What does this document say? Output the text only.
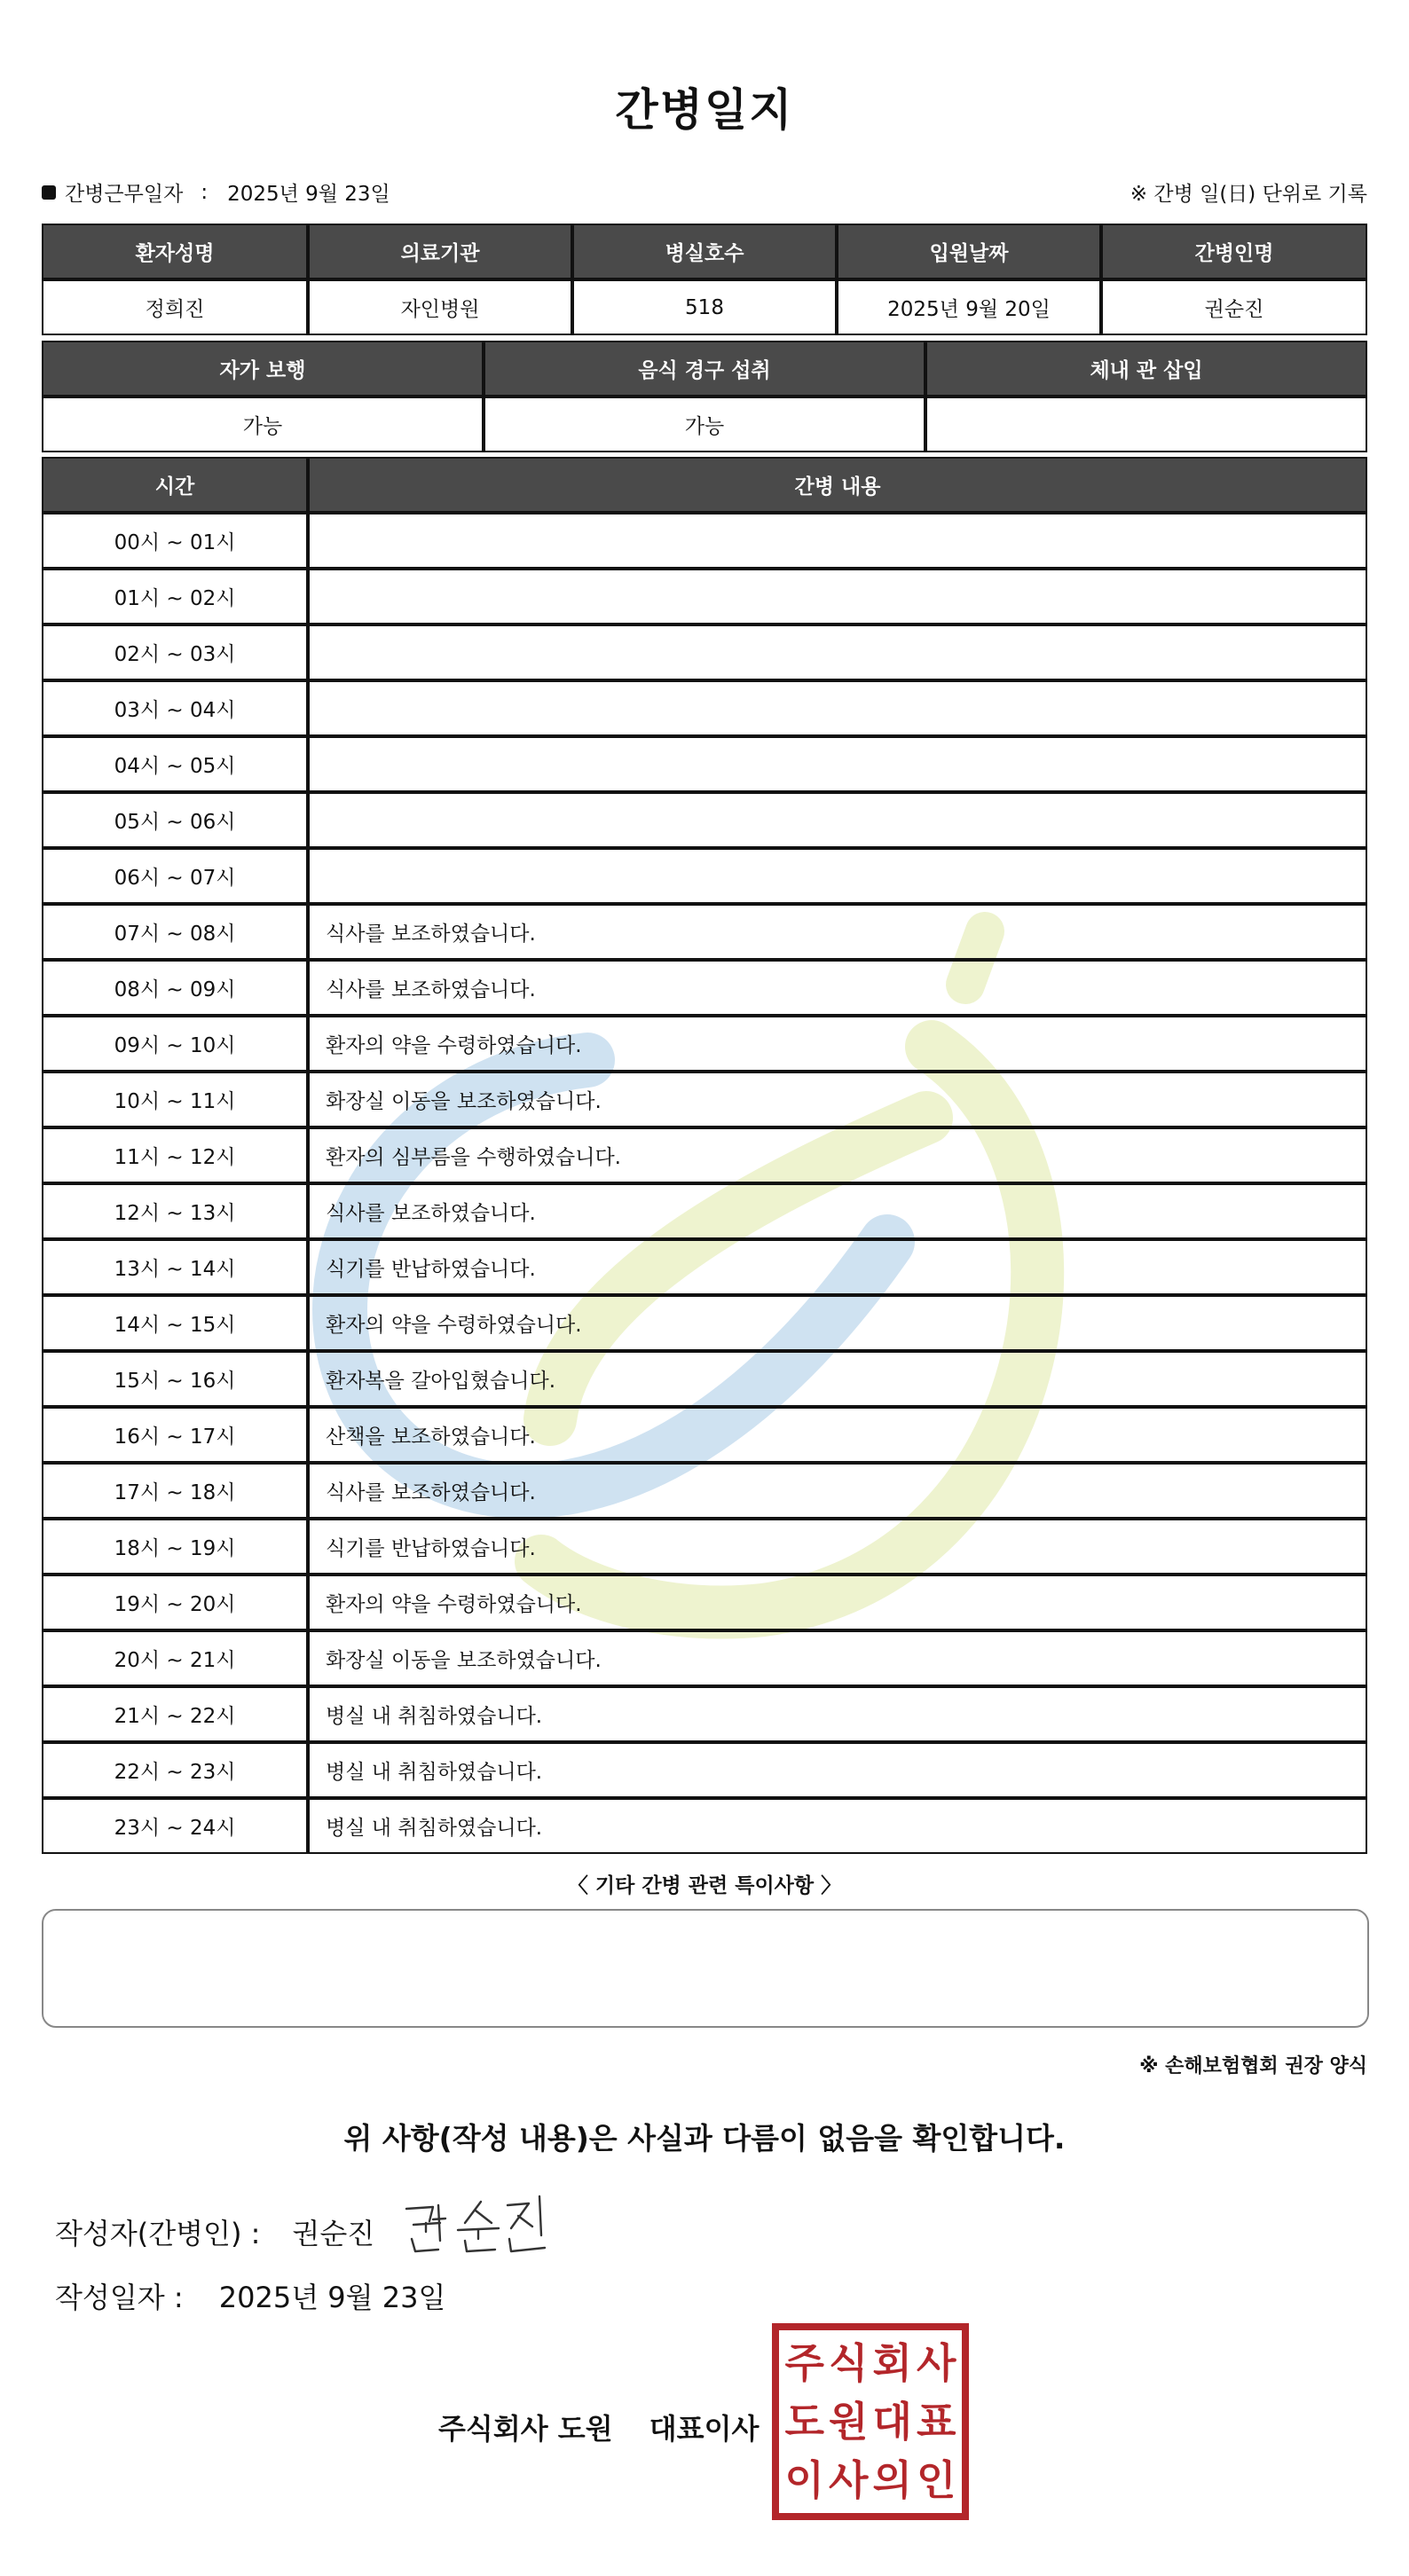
간병일지
간병근무일자 : 2025년 9월 23일	※ 간병 일(日) 단위로 기록
환자성명	의료기관	병실호수	입원날짜	간병인명
정희진	자인병원	518	2025년 9월 20일	권순진
자가 보행	음식 경구 섭취	체내 관 삽입
가능	가능	
시간	간병 내용
00시 ~ 01시	
01시 ~ 02시	
02시 ~ 03시	
03시 ~ 04시	
04시 ~ 05시	
05시 ~ 06시	
06시 ~ 07시	
07시 ~ 08시	식사를 보조하였습니다.
08시 ~ 09시	식사를 보조하였습니다.
09시 ~ 10시	환자의 약을 수령하였습니다.
10시 ~ 11시	화장실 이동을 보조하였습니다.
11시 ~ 12시	환자의 심부름을 수행하였습니다.
12시 ~ 13시	식사를 보조하였습니다.
13시 ~ 14시	식기를 반납하였습니다.
14시 ~ 15시	환자의 약을 수령하였습니다.
15시 ~ 16시	환자복을 갈아입혔습니다.
16시 ~ 17시	산책을 보조하였습니다.
17시 ~ 18시	식사를 보조하였습니다.
18시 ~ 19시	식기를 반납하였습니다.
19시 ~ 20시	환자의 약을 수령하였습니다.
20시 ~ 21시	화장실 이동을 보조하였습니다.
21시 ~ 22시	병실 내 취침하였습니다.
22시 ~ 23시	병실 내 취침하였습니다.
23시 ~ 24시	병실 내 취침하였습니다.
〈 기타 간병 관련 특이사항 〉
※ 손해보험협회 권장 양식
위 사항(작성 내용)은 사실과 다름이 없음을 확인합니다.
작성자(간병인) : 권순진
작성일자 : 2025년 9월 23일
주식회사 도원 대표이사
주 식 회 사
도 원 대 표
이 사 의 인
